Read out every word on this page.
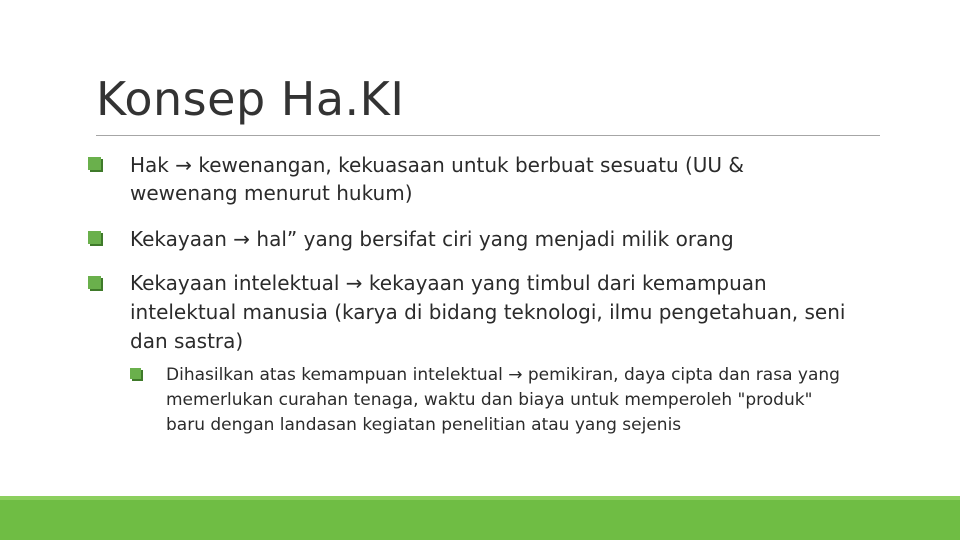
Konsep Ha.KI
Hak → kewenangan, kekuasaan untuk berbuat sesuatu (UU & wewenang menurut hukum)
Kekayaan → hal” yang bersifat ciri yang menjadi milik orang
Kekayaan intelektual → kekayaan yang timbul dari kemampuan intelektual manusia (karya di bidang teknologi, ilmu pengetahuan, seni dan sastra)
Dihasilkan atas kemampuan intelektual → pemikiran, daya cipta dan rasa yang memerlukan curahan tenaga, waktu dan biaya untuk memperoleh "produk" baru dengan landasan kegiatan penelitian atau yang sejenis
